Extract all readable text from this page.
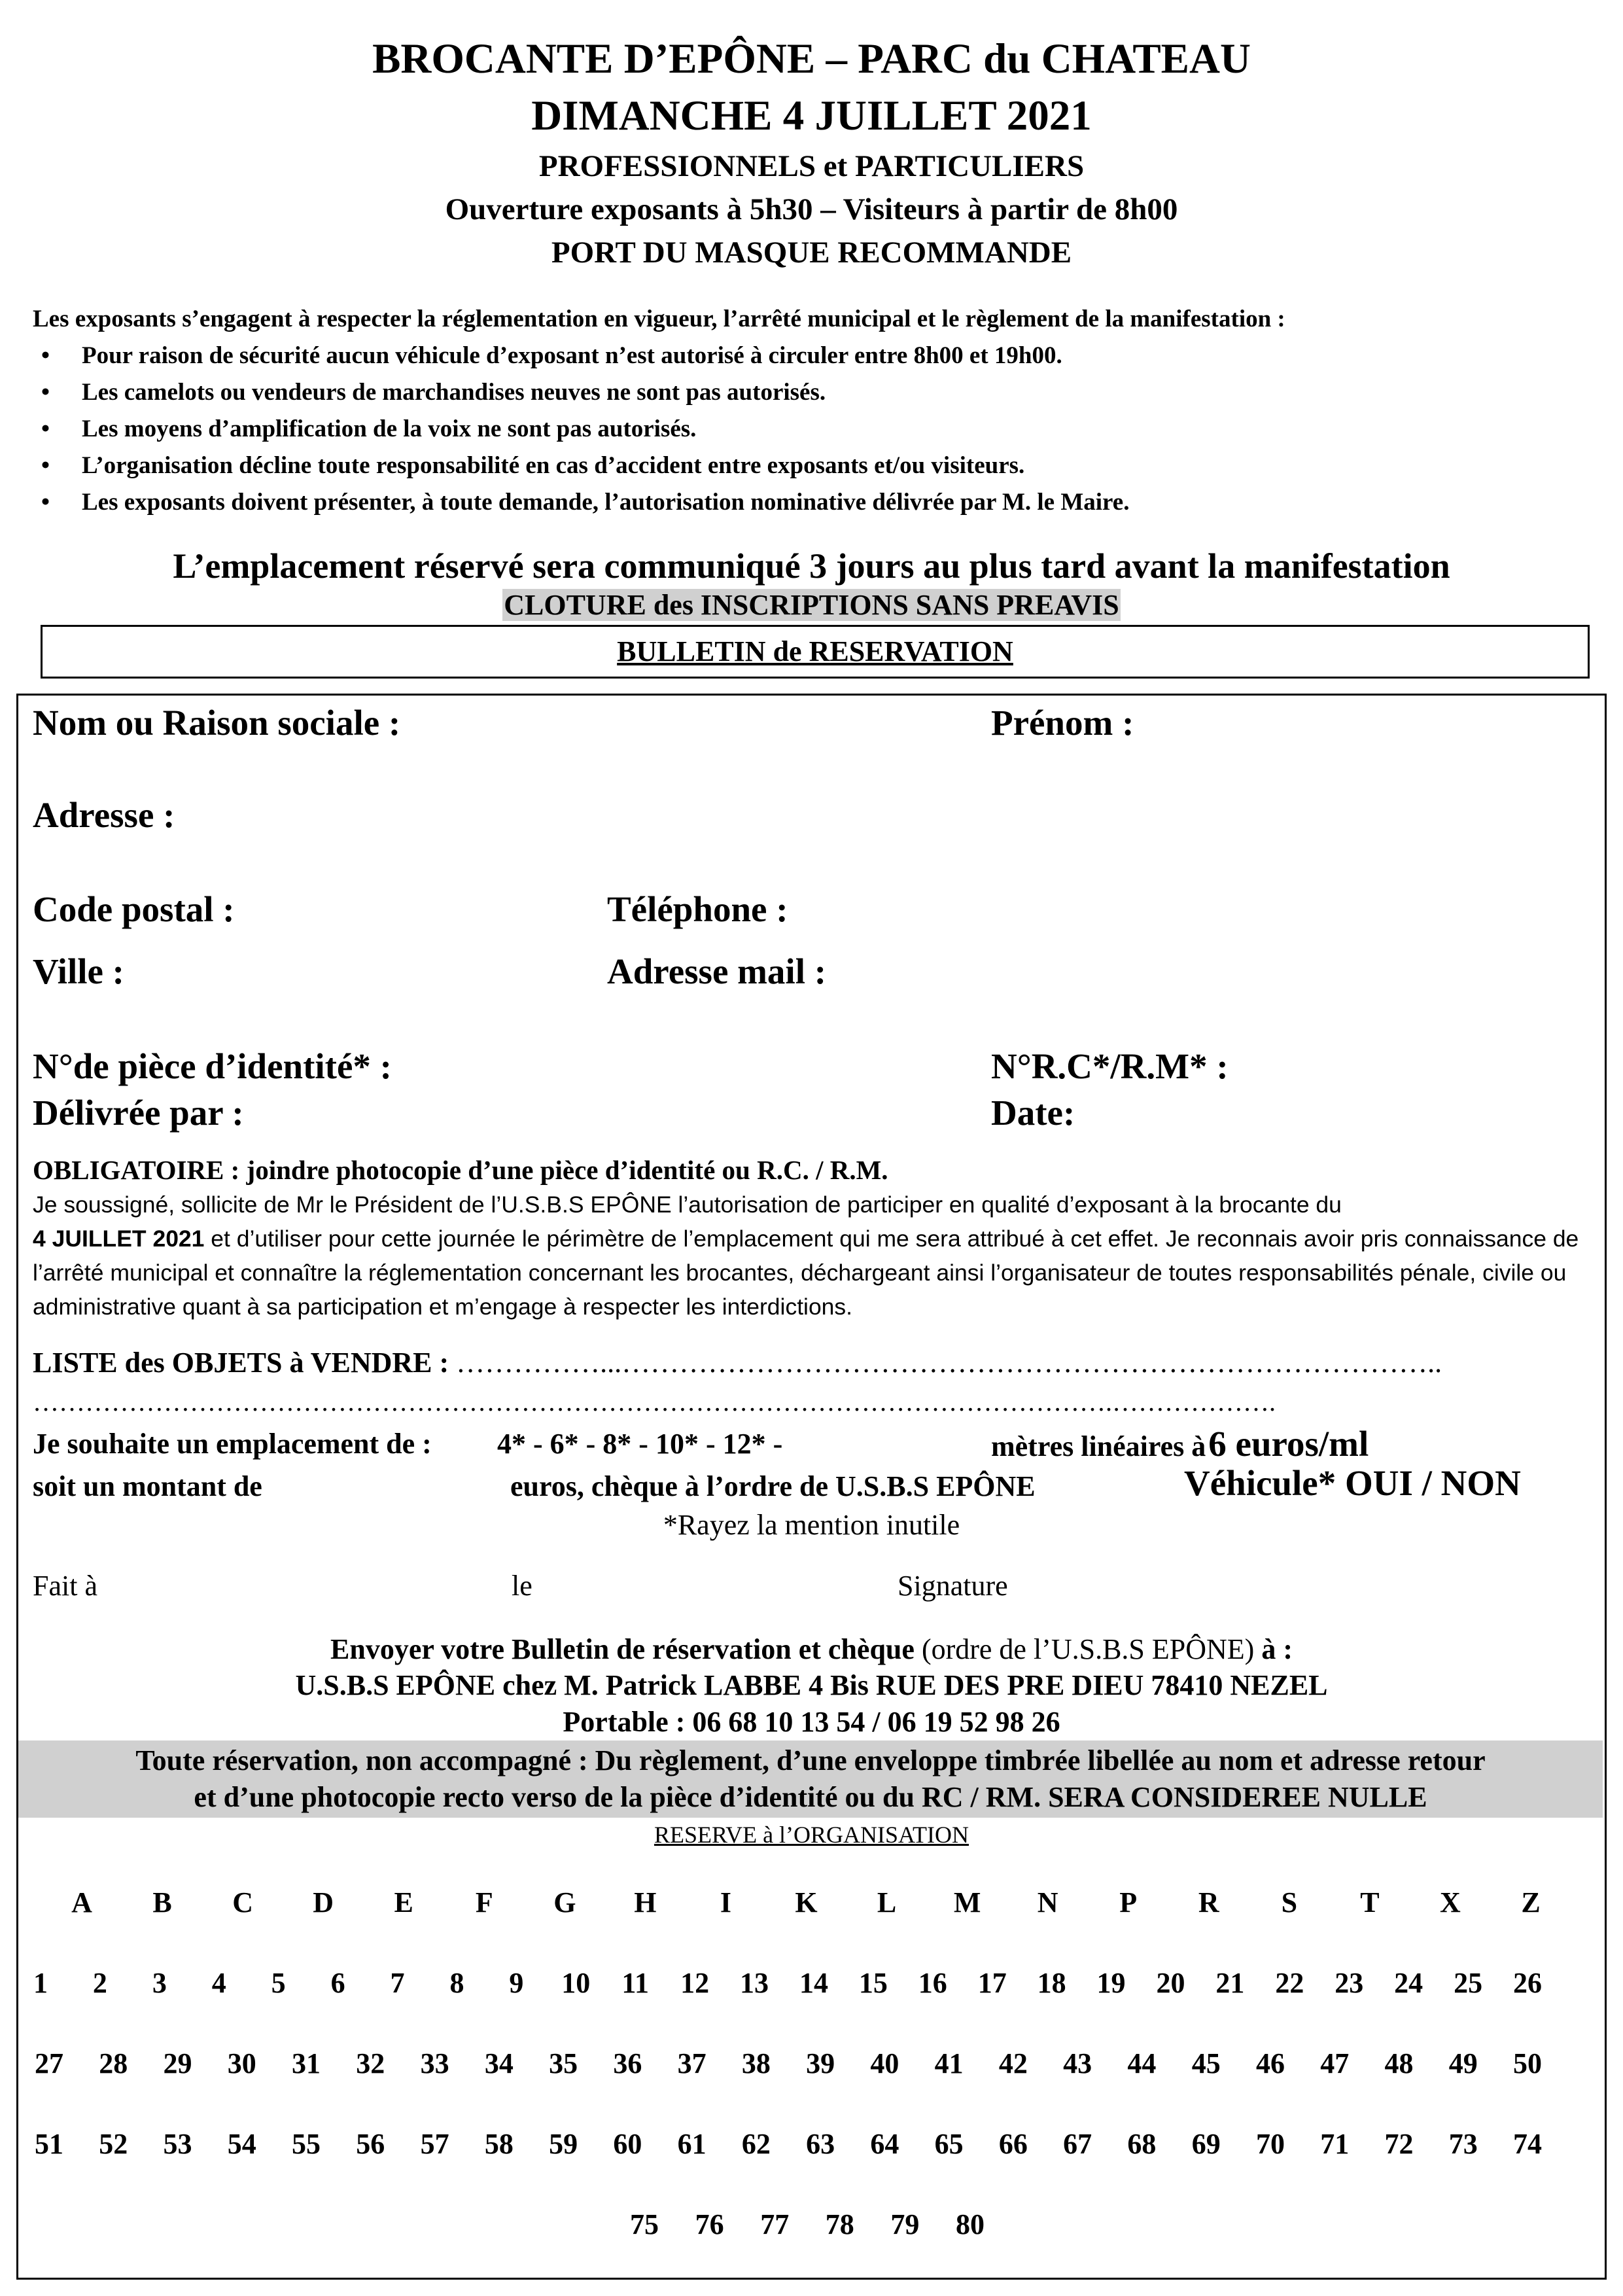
BROCANTE D’EPÔNE – PARC du CHATEAU
DIMANCHE 4 JUILLET 2021
PROFESSIONNELS et PARTICULIERS
Ouverture exposants à 5h30 – Visiteurs à partir de 8h00
PORT DU MASQUE RECOMMANDE
Les exposants s’engagent à respecter la réglementation en vigueur, l’arrêté municipal et le règlement de la manifestation :
• Pour raison de sécurité aucun véhicule d’exposant n’est autorisé à circuler entre 8h00 et 19h00.
• Les camelots ou vendeurs de marchandises neuves ne sont pas autorisés.
• Les moyens d’amplification de la voix ne sont pas autorisés.
• L’organisation décline toute responsabilité en cas d’accident entre exposants et/ou visiteurs.
• Les exposants doivent présenter, à toute demande, l’autorisation nominative délivrée par M. le Maire.
L’emplacement réservé sera communiqué 3 jours au plus tard avant la manifestation
CLOTURE des INSCRIPTIONS SANS PREAVIS
BULLETIN de RESERVATION
Nom ou Raison sociale :	Prénom :
Adresse :
Code postal :	Téléphone :
Ville :	Adresse mail :
N°de pièce d’identité* :	N°R.C*/R.M* :
Délivrée par :	Date:
OBLIGATOIRE : joindre photocopie d’une pièce d’identité ou R.C. / R.M.
Je soussigné, sollicite de Mr le Président de l’U.S.B.S EPÔNE l’autorisation de participer en qualité d’exposant à la brocante du
4 JUILLET 2021 et d’utiliser pour cette journée le périmètre de l’emplacement qui me sera attribué à cet effet. Je reconnais avoir pris connaissance de l’arrêté municipal et connaître la réglementation concernant les brocantes, déchargeant ainsi l’organisateur de toutes responsabilités pénale, civile ou administrative quant à sa participation et m’engage à respecter les interdictions.
LISTE des OBJETS à VENDRE : ……………...…………………………………………………………………………..
…………………………………………………………………………………………………………….……………….
Je souhaite un emplacement de : 4* - 6* - 8* - 10* - 12* -	mètres linéaires à 6 euros/ml
soit un montant de	euros, chèque à l’ordre de U.S.B.S EPÔNE	Véhicule* OUI / NON
*Rayez la mention inutile
Fait à	le	Signature
Envoyer votre Bulletin de réservation et chèque (ordre de l’U.S.B.S EPÔNE) à :
U.S.B.S EPÔNE chez M. Patrick LABBE 4 Bis RUE DES PRE DIEU 78410 NEZEL
Portable : 06 68 10 13 54 / 06 19 52 98 26
Toute réservation, non accompagné : Du règlement, d’une enveloppe timbrée libellée au nom et adresse retour
et d’une photocopie recto verso de la pièce d’identité ou du RC / RM. SERA CONSIDEREE NULLE
RESERVE à l’ORGANISATION
A B C D E F G H I K L M N P R S T X Z
1 2 3 4 5 6 7 8 9 10 11 12 13 14 15 16 17 18 19 20 21 22 23 24 25 26
27 28 29 30 31 32 33 34 35 36 37 38 39 40 41 42 43 44 45 46 47 48 49 50
51 52 53 54 55 56 57 58 59 60 61 62 63 64 65 66 67 68 69 70 71 72 73 74
75 76 77 78 79 80
